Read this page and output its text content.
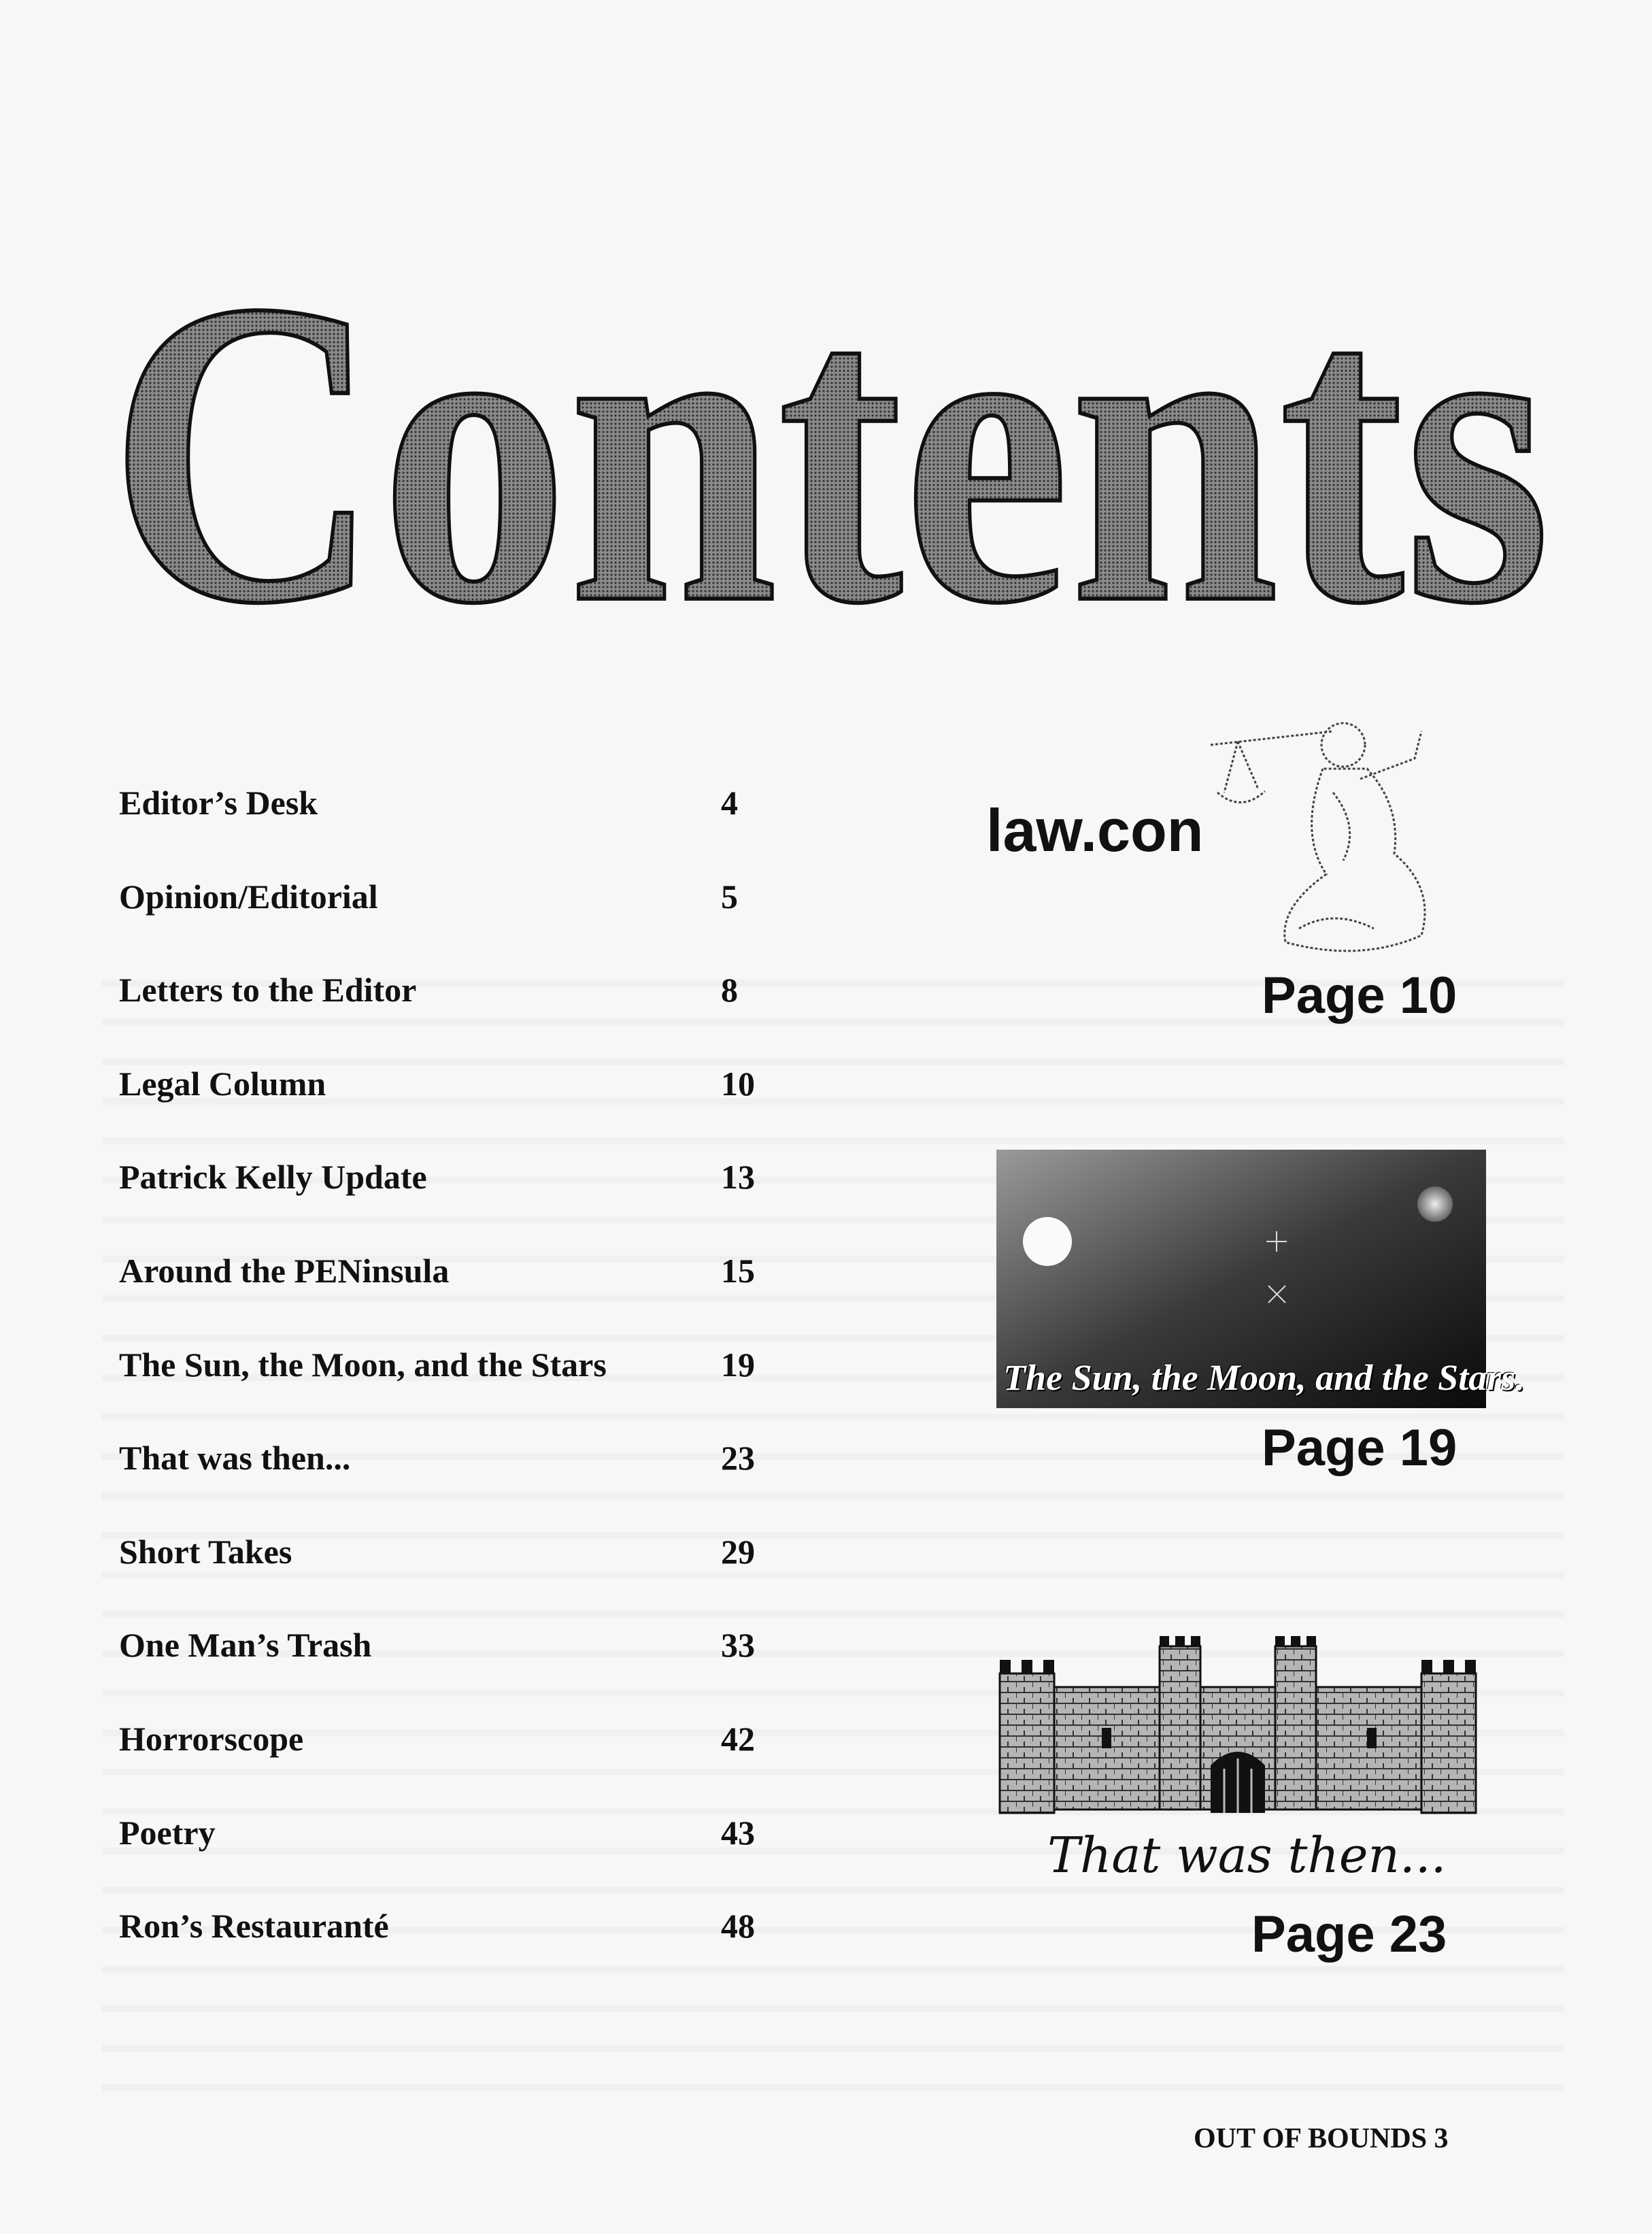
Contents
Editor’s Desk	4
Opinion/Editorial	5
Letters to the Editor	8
Legal Column	10
Patrick Kelly Update	13
Around the PENinsula	15
The Sun, the Moon, and the Stars	19
That was then...	23
Short Takes	29
One Man’s Trash	33
Horrorscope	42
Poetry	43
Ron’s Restauranté	48
law.con
Page 10
The Sun, the Moon, and the Stars.
Page 19
That was then...
Page 23
OUT OF BOUNDS 3
